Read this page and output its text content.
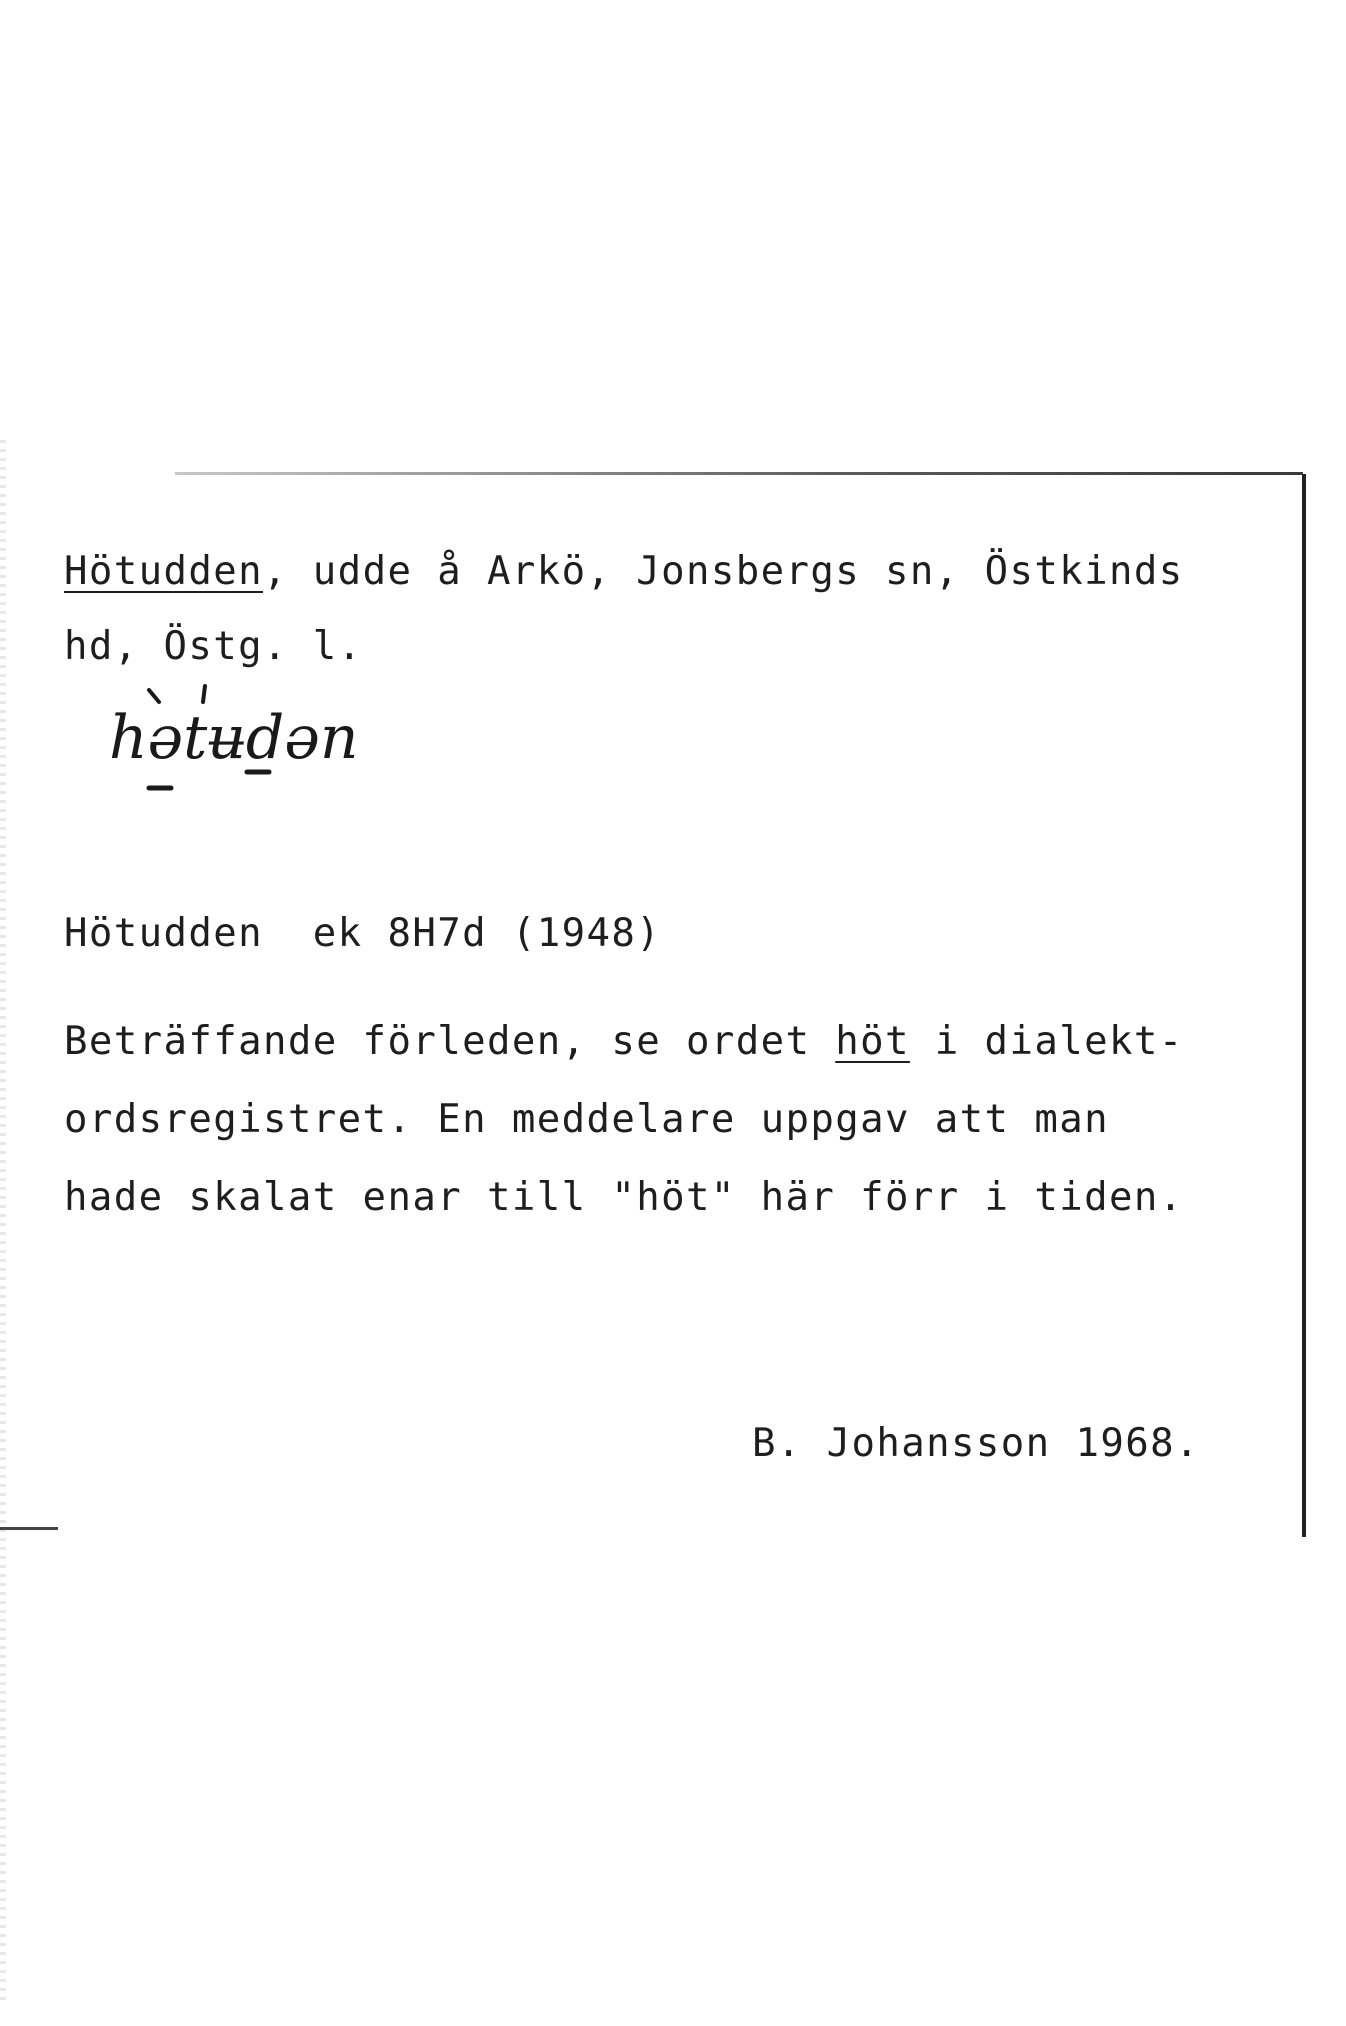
Hötudden, udde å Arkö, Jonsbergs sn, Östkinds
hd, Östg. l.
hətʉdən
Hötudden  ek 8H7d (1948)
Beträffande förleden, se ordet höt i dialekt-
ordsregistret. En meddelare uppgav att man
hade skalat enar till "höt" här förr i tiden.
B. Johansson 1968.
